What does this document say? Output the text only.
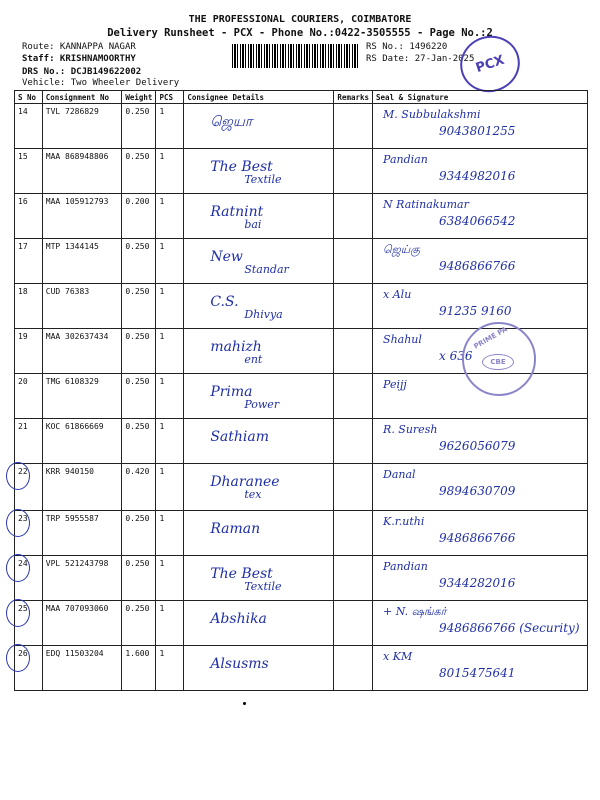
THE PROFESSIONAL COURIERS, COIMBATORE
Delivery Runsheet - PCX - Phone No.:0422-3505555 - Page No.:2
Route: KANNAPPA NAGAR
Staff: KRISHNAMOORTHY
DRS No.: DCJB149622002
Vehicle: Two Wheeler Delivery
RS No.: 1496220
RS Date: 27-Jan-2025 PCX
S No	Consignment No	Weight	PCS	Consignee Details	Remarks	Seal & Signature
14	TVL 7286829	0.250	1	ஜெயா		M. Subbulakshmi
9043801255

15	MAA 868948806	0.250	1	The Best
Textile		Pandian
9344982016

16	MAA 105912793	0.200	1	Ratnint
bai		N Ratinakumar
6384066542

17	MTP 1344145	0.250	1	New
Standar		ஜெய்கு
9486866766

18	CUD 76383	0.250	1	C.S.
Dhivya		x Alu
91235 9160

19	MAA 302637434	0.250	1	mahizh
ent		Shahul
x 636

20	TMG 6108329	0.250	1	Prima
Power		Peijj

21	KOC 61866669	0.250	1	Sathiam		R. Suresh
9626056079

22	KRR 940150	0.420	1	Dharanee
tex		Danal
9894630709

23	TRP 5955587	0.250	1	Raman		K.r.uthi
9486866766

24	VPL 521243798	0.250	1	The Best
Textile		Pandian
9344282016

25	MAA 707093060	0.250	1	Abshika		+ N. ஷங்கர்
9486866766 (Security)

26	EDQ 11503204	1.600	1	Alsusms		x KM
8015475641
PRIME PA
CBE
